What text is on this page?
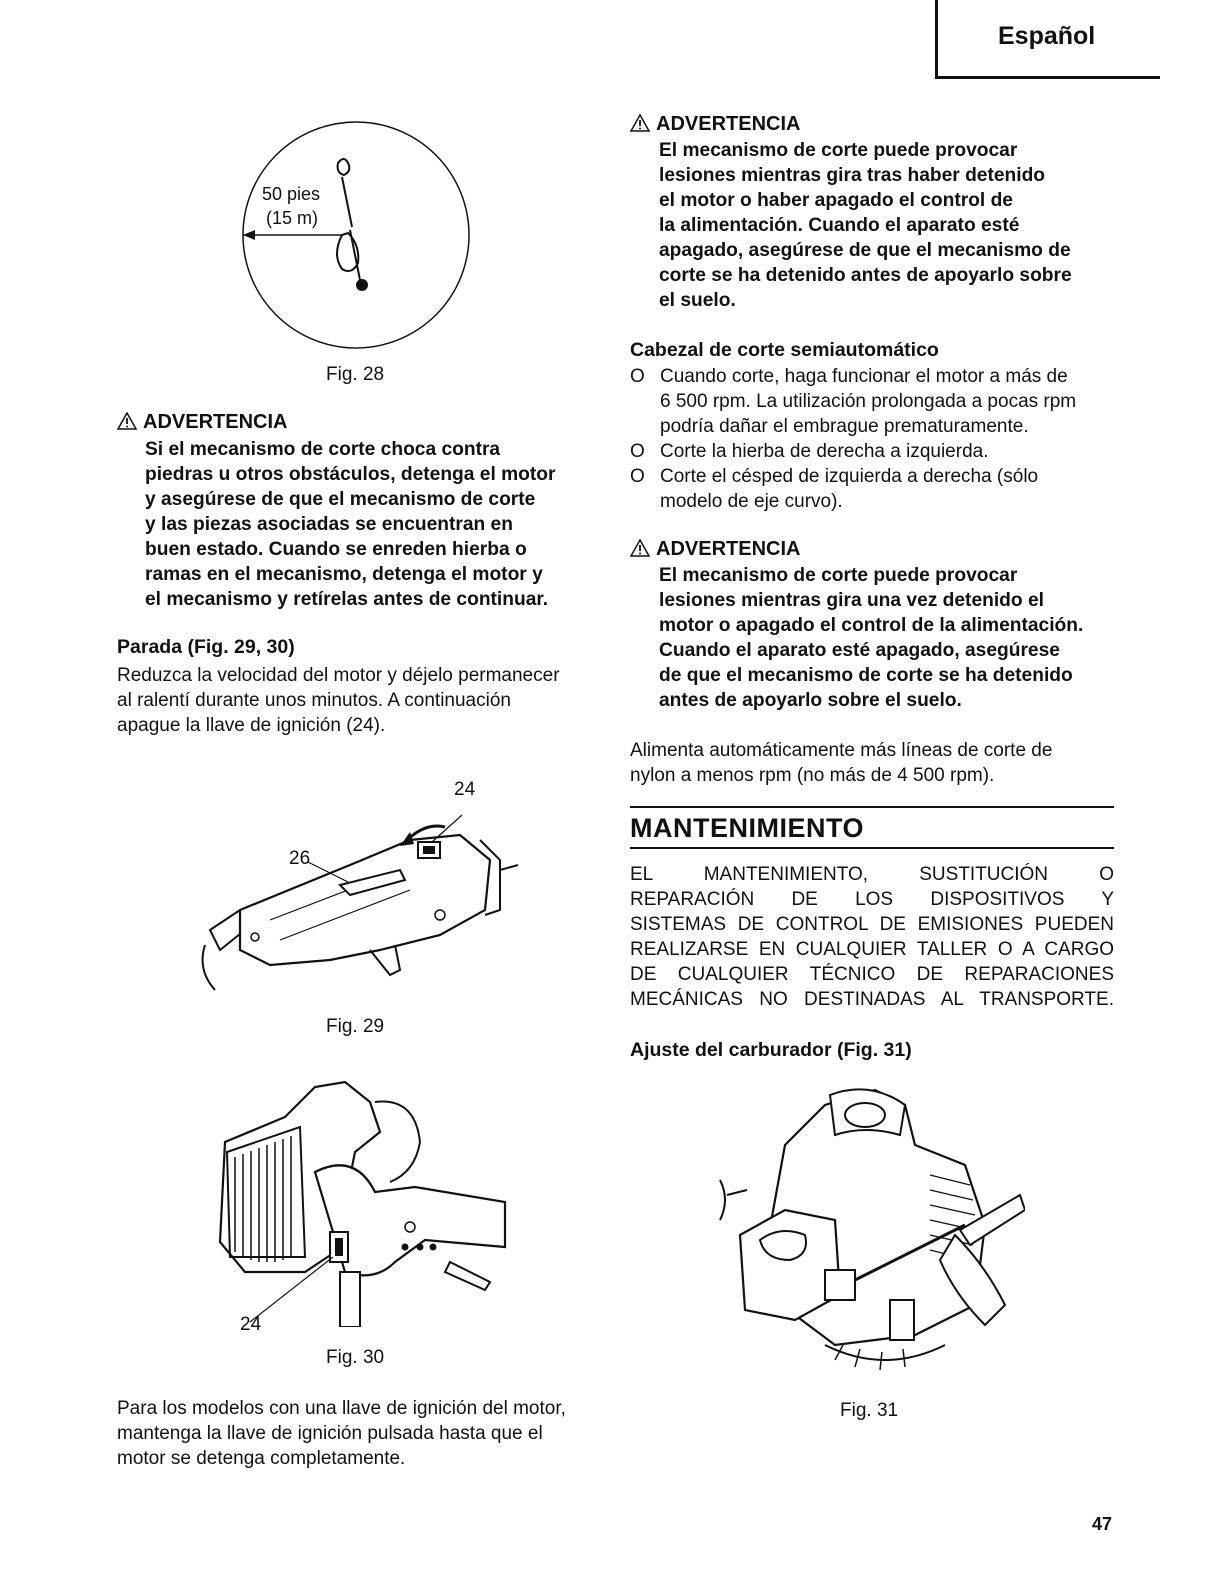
Español
50 pies
(15 m)
Fig. 28
ADVERTENCIA
Si el mecanismo de corte choca contra
piedras u otros obstáculos, detenga el motor
y asegúrese de que el mecanismo de corte
y las piezas asociadas se encuentran en
buen estado. Cuando se enreden hierba o
ramas en el mecanismo, detenga el motor y
el mecanismo y retírelas antes de continuar.
Parada (Fig. 29, 30)
Reduzca la velocidad del motor y déjelo permanecer
al ralentí durante unos minutos. A continuación
apague la llave de ignición (24).
24
26
Fig. 29
24
Fig. 30
Para los modelos con una llave de ignición del motor,
mantenga la llave de ignición pulsada hasta que el
motor se detenga completamente.
ADVERTENCIA
El mecanismo de corte puede provocar
lesiones mientras gira tras haber detenido
el motor o haber apagado el control de
la alimentación. Cuando el aparato esté
apagado, asegúrese de que el mecanismo de
corte se ha detenido antes de apoyarlo sobre
el suelo.
Cabezal de corte semiautomático
O Cuando corte, haga funcionar el motor a más de
6 500 rpm. La utilización prolongada a pocas rpm
podría dañar el embrague prematuramente.
O Corte la hierba de derecha a izquierda.
O Corte el césped de izquierda a derecha (sólo
modelo de eje curvo).
ADVERTENCIA
El mecanismo de corte puede provocar
lesiones mientras gira una vez detenido el
motor o apagado el control de la alimentación.
Cuando el aparato esté apagado, asegúrese
de que el mecanismo de corte se ha detenido
antes de apoyarlo sobre el suelo.
Alimenta automáticamente más líneas de corte de
nylon a menos rpm (no más de 4 500 rpm).
MANTENIMIENTO
EL MANTENIMIENTO, SUSTITUCIÓN O
REPARACIÓN DE LOS DISPOSITIVOS Y
SISTEMAS DE CONTROL DE EMISIONES PUEDEN
REALIZARSE EN CUALQUIER TALLER O A CARGO
DE CUALQUIER TÉCNICO DE REPARACIONES
MECÁNICAS NO DESTINADAS AL TRANSPORTE.
Ajuste del carburador (Fig. 31)
Fig. 31
47
